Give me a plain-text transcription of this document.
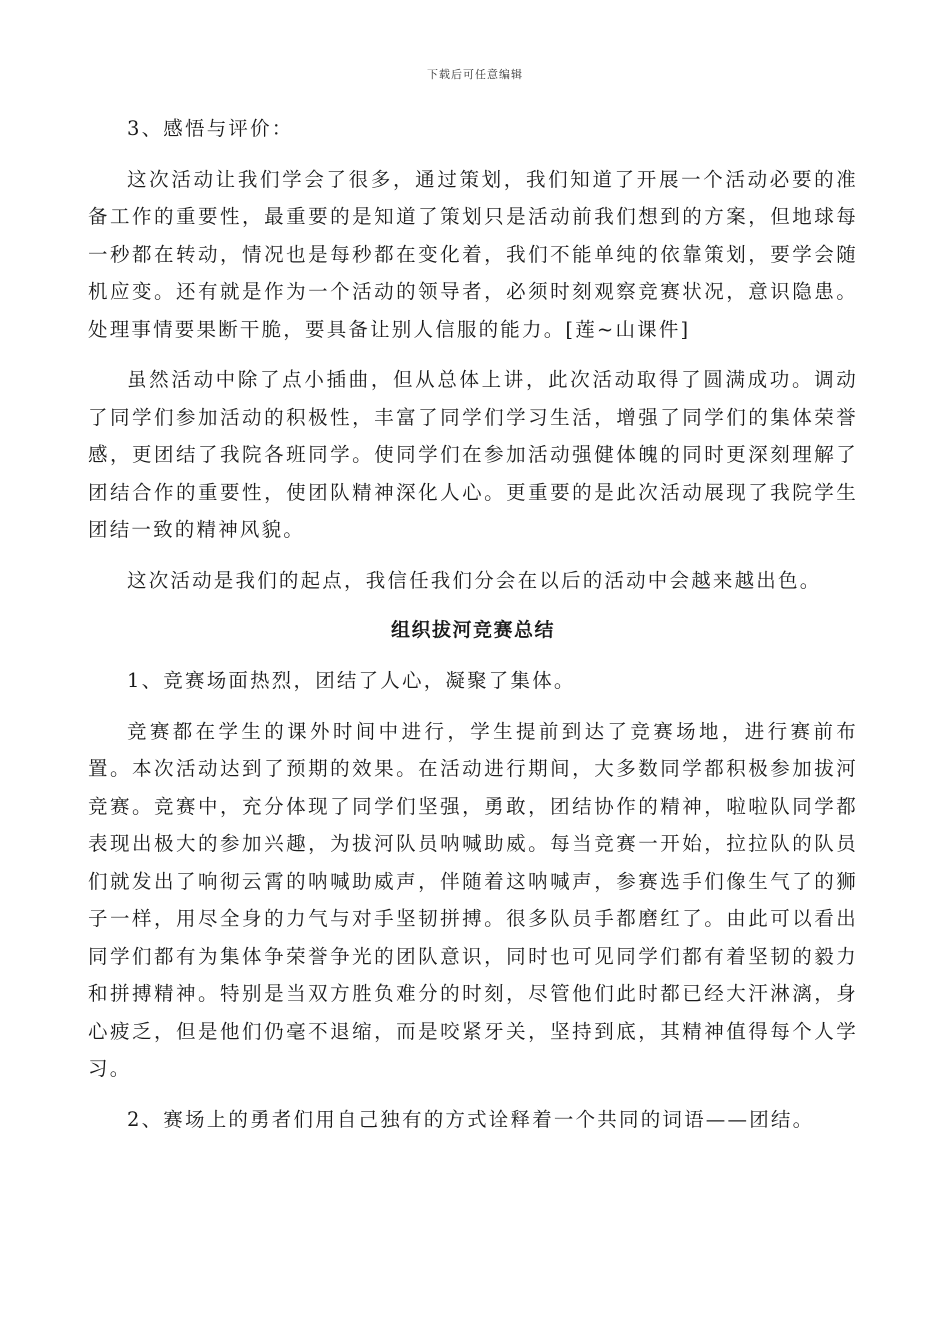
下载后可任意编辑

3、感悟与评价：

这次活动让我们学会了很多，通过策划，我们知道了开展一个活动必要的准备工作的重要性，最重要的是知道了策划只是活动前我们想到的方案，但地球每一秒都在转动，情况也是每秒都在变化着，我们不能单纯的依靠策划，要学会随机应变。还有就是作为一个活动的领导者，必须时刻观察竞赛状况，意识隐患。处理事情要果断干脆，要具备让别人信服的能力。[莲~山课件]

虽然活动中除了点小插曲，但从总体上讲，此次活动取得了圆满成功。调动了同学们参加活动的积极性，丰富了同学们学习生活，增强了同学们的集体荣誉感，更团结了我院各班同学。使同学们在参加活动强健体魄的同时更深刻理解了团结合作的重要性，使团队精神深化人心。更重要的是此次活动展现了我院学生团结一致的精神风貌。

这次活动是我们的起点，我信任我们分会在以后的活动中会越来越出色。

组织拔河竞赛总结

1、竞赛场面热烈，团结了人心，凝聚了集体。

竞赛都在学生的课外时间中进行，学生提前到达了竞赛场地，进行赛前布置。本次活动达到了预期的效果。在活动进行期间，大多数同学都积极参加拔河竞赛。竞赛中，充分体现了同学们坚强，勇敢，团结协作的精神，啦啦队同学都表现出极大的参加兴趣，为拔河队员呐喊助威。每当竞赛一开始，拉拉队的队员们就发出了响彻云霄的呐喊助威声，伴随着这呐喊声，参赛选手们像生气了的狮子一样，用尽全身的力气与对手坚韧拼搏。很多队员手都磨红了。由此可以看出同学们都有为集体争荣誉争光的团队意识，同时也可见同学们都有着坚韧的毅力和拼搏精神。特别是当双方胜负难分的时刻，尽管他们此时都已经大汗淋漓，身心疲乏，但是他们仍毫不退缩，而是咬紧牙关，坚持到底，其精神值得每个人学习。

2、赛场上的勇者们用自己独有的方式诠释着一个共同的词语——团结。
